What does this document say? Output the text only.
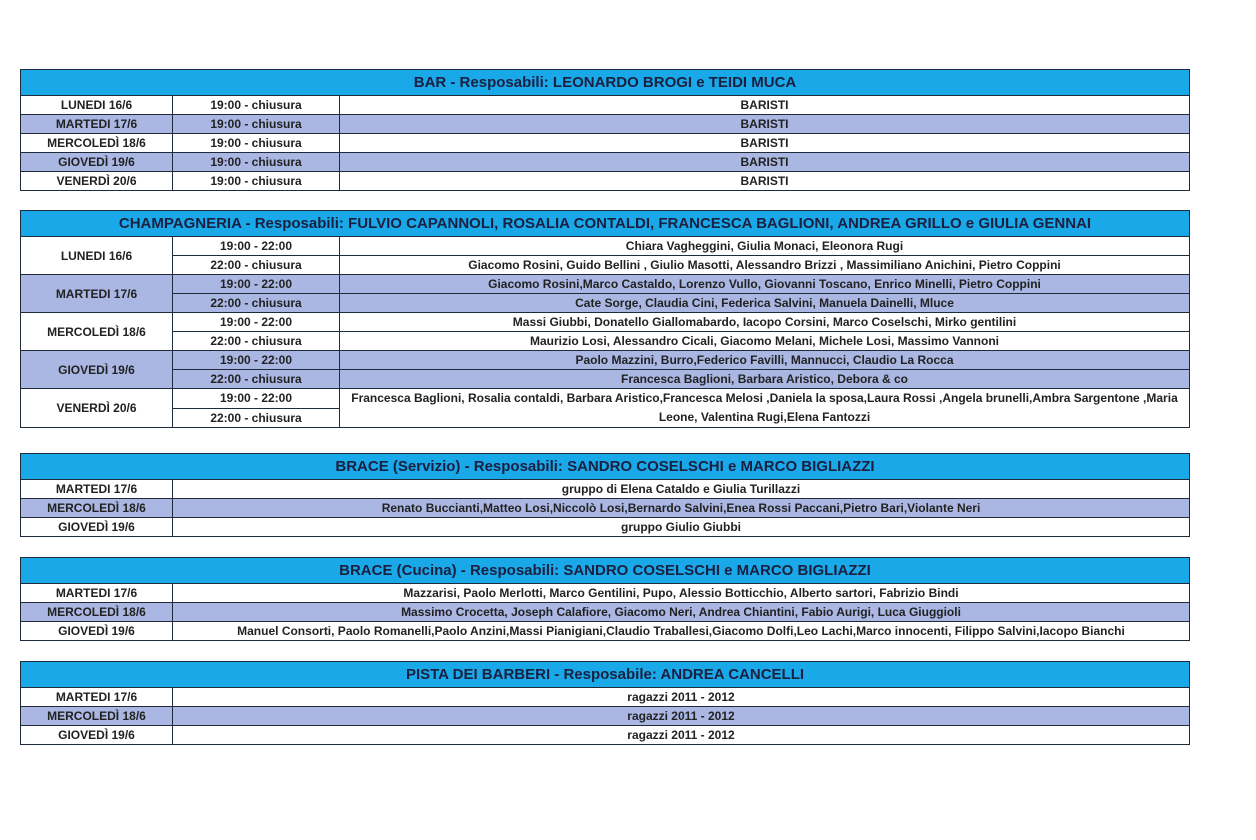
BAR - Resposabili: LEONARDO BROGI e TEIDI MUCA		
LUNEDI 16/6	19:00 - chiusura	BARISTI
MARTEDI 17/6	19:00 - chiusura	BARISTI
MERCOLEDÌ 18/6	19:00 - chiusura	BARISTI
GIOVEDÌ 19/6	19:00 - chiusura	BARISTI
VENERDÌ 20/6	19:00 - chiusura	BARISTI
CHAMPAGNERIA - Resposabili: FULVIO CAPANNOLI, ROSALIA CONTALDI, FRANCESCA BAGLIONI, ANDREA GRILLO e GIULIA GENNAI		
LUNEDI 16/6	19:00 - 22:00	Chiara Vagheggini, Giulia Monaci, Eleonora Rugi
	22:00 - chiusura	Giacomo Rosini, Guido Bellini , Giulio Masotti, Alessandro Brizzi , Massimiliano Anichini, Pietro Coppini
MARTEDI 17/6	19:00 - 22:00	Giacomo Rosini,Marco Castaldo, Lorenzo Vullo, Giovanni Toscano, Enrico Minelli, Pietro Coppini
	22:00 - chiusura	Cate Sorge, Claudia Cini, Federica Salvini, Manuela Dainelli, Mluce
MERCOLEDÌ 18/6	19:00 - 22:00	Massi Giubbi, Donatello Giallomabardo, Iacopo Corsini, Marco Coselschi, Mirko gentilini
	22:00 - chiusura	Maurizio Losi, Alessandro Cicali, Giacomo Melani, Michele Losi, Massimo Vannoni
GIOVEDÌ 19/6	19:00 - 22:00	Paolo Mazzini, Burro,Federico Favilli, Mannucci, Claudio La Rocca
	22:00 - chiusura	Francesca Baglioni, Barbara Aristico, Debora & co
VENERDÌ 20/6	19:00 - 22:00	Francesca Baglioni, Rosalia contaldi, Barbara Aristico,Francesca Melosi ,Daniela la sposa,Laura Rossi ,Angela brunelli,Ambra Sargentone ,Maria Leone, Valentina Rugi,Elena Fantozzi
	22:00 - chiusura	
BRACE (Servizio) - Resposabili: SANDRO COSELSCHI e MARCO BIGLIAZZI	
MARTEDI 17/6	gruppo di Elena Cataldo e Giulia Turillazzi
MERCOLEDÌ 18/6	Renato Buccianti,Matteo Losi,Niccolò Losi,Bernardo Salvini,Enea Rossi Paccani,Pietro Bari,Violante Neri
GIOVEDÌ 19/6	gruppo Giulio Giubbi
BRACE (Cucina) - Resposabili: SANDRO COSELSCHI e MARCO BIGLIAZZI	
MARTEDI 17/6	Mazzarisi, Paolo Merlotti, Marco Gentilini, Pupo, Alessio Botticchio, Alberto sartori, Fabrizio Bindi
MERCOLEDÌ 18/6	Massimo Crocetta, Joseph Calafiore, Giacomo Neri, Andrea Chiantini, Fabio Aurigi, Luca Giuggioli
GIOVEDÌ 19/6	Manuel Consorti, Paolo Romanelli,Paolo Anzini,Massi Pianigiani,Claudio Traballesi,Giacomo Dolfi,Leo Lachi,Marco innocenti, Filippo Salvini,Iacopo Bianchi
PISTA DEI BARBERI - Resposabile: ANDREA CANCELLI	
MARTEDI 17/6	ragazzi 2011 - 2012
MERCOLEDÌ 18/6	ragazzi 2011 - 2012
GIOVEDÌ 19/6	ragazzi 2011 - 2012
